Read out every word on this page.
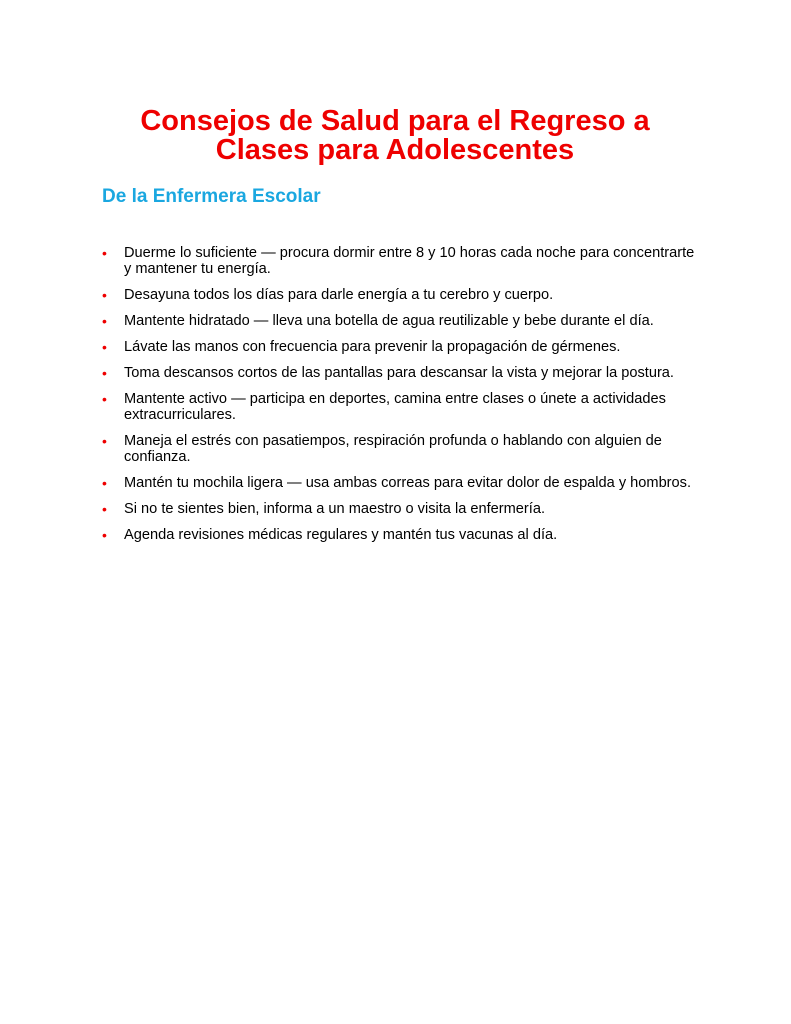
Consejos de Salud para el Regreso a Clases para Adolescentes
De la Enfermera Escolar
• Duerme lo suficiente — procura dormir entre 8 y 10 horas cada noche para concentrarte y mantener tu energía.
• Desayuna todos los días para darle energía a tu cerebro y cuerpo.
• Mantente hidratado — lleva una botella de agua reutilizable y bebe durante el día.
• Lávate las manos con frecuencia para prevenir la propagación de gérmenes.
• Toma descansos cortos de las pantallas para descansar la vista y mejorar la postura.
• Mantente activo — participa en deportes, camina entre clases o únete a actividades extracurriculares.
• Maneja el estrés con pasatiempos, respiración profunda o hablando con alguien de confianza.
• Mantén tu mochila ligera — usa ambas correas para evitar dolor de espalda y hombros.
• Si no te sientes bien, informa a un maestro o visita la enfermería.
• Agenda revisiones médicas regulares y mantén tus vacunas al día.
